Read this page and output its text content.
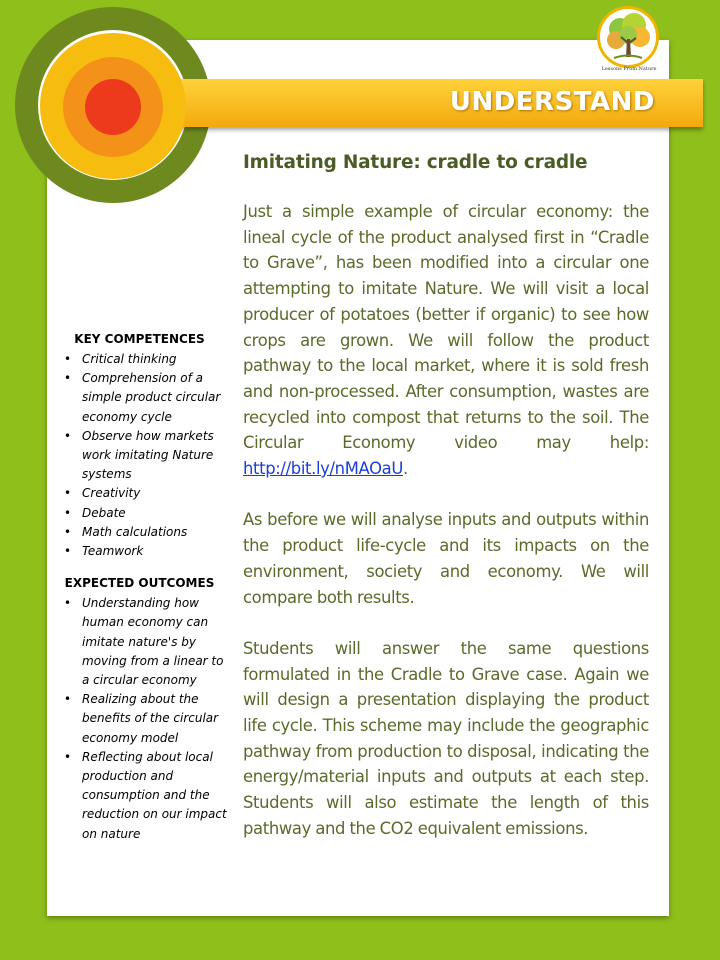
UNDERSTAND
Lessons From Nature
KEY COMPETENCES
• Critical thinking
• Comprehension of a simple product circular economy cycle
• Observe how markets work imitating Nature systems
• Creativity
• Debate
• Math calculations
• Teamwork
EXPECTED OUTCOMES
• Understanding how human economy can imitate nature's by moving from a linear to a circular economy
• Realizing about the benefits of the circular economy model
• Reflecting about local production and consumption and the reduction on our impact on nature
Imitating Nature: cradle to cradle

Just a simple example of circular economy: the lineal cycle of the product analysed first in “Cradle to Grave”, has been modified into a circular one attempting to imitate Nature. We will visit a local producer of potatoes (better if organic) to see how crops are grown. We will follow the product pathway to the local market, where it is sold fresh and non-processed. After consumption, wastes are recycled into compost that returns to the soil. The Circular Economy video may help: http://bit.ly/nMAOaU.

As before we will analyse inputs and outputs within the product life-cycle and its impacts on the environment, society and economy. We will compare both results.

Students will answer the same questions formulated in the Cradle to Grave case. Again we will design a presentation displaying the product life cycle. This scheme may include the geographic pathway from production to disposal, indicating the energy/material inputs and outputs at each step. Students will also estimate the length of this pathway and the CO2 equivalent emissions.
